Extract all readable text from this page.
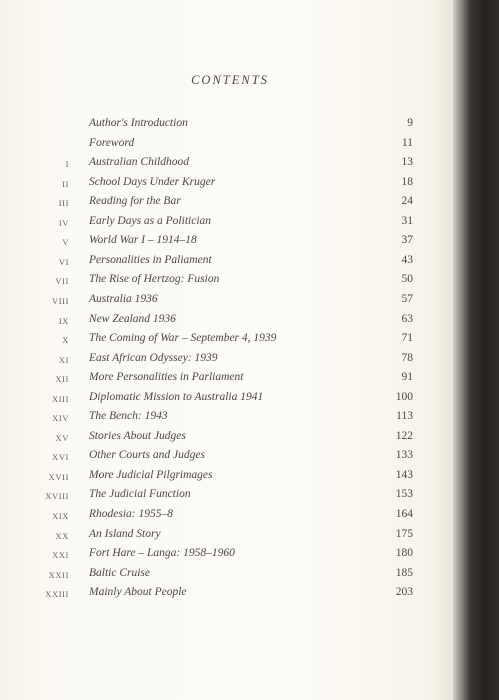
CONTENTS
Author's Introduction	9
Foreword	11
I Australian Childhood	13
II School Days Under Kruger	18
III Reading for the Bar	24
IV Early Days as a Politician	31
V World War I – 1914–18	37
VI Personalities in Paliament	43
VII The Rise of Hertzog: Fusion	50
VIII Australia 1936	57
IX New Zealand 1936	63
X The Coming of War – September 4, 1939	71
XI East African Odyssey: 1939	78
XII More Personalities in Parliament	91
XIII Diplomatic Mission to Australia 1941	100
XIV The Bench: 1943	113
XV Stories About Judges	122
XVI Other Courts and Judges	133
XVII More Judicial Pilgrimages	143
XVIII The Judicial Function	153
XIX Rhodesia: 1955–8	164
XX An Island Story	175
XXI Fort Hare – Langa: 1958–1960	180
XXII Baltic Cruise	185
XXIII Mainly About People	203
